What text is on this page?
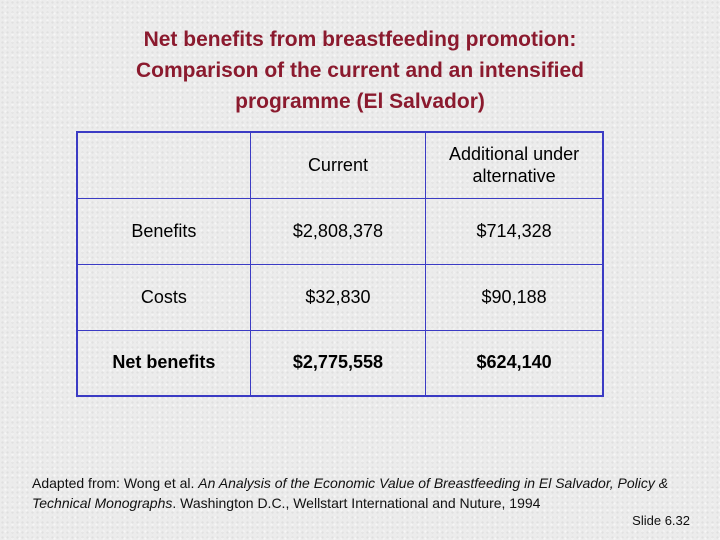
Net benefits from breastfeeding promotion:
Comparison of the current and an intensified
programme (El Salvador)
	Current	Additional under alternative
Benefits	$2,808,378	$714,328
Costs	$32,830	$90,188
Net benefits	$2,775,558	$624,140
Adapted from: Wong et al. An Analysis of the Economic Value of Breastfeeding in El Salvador, Policy & Technical Monographs. Washington D.C., Wellstart International and Nuture, 1994
Slide 6.32
